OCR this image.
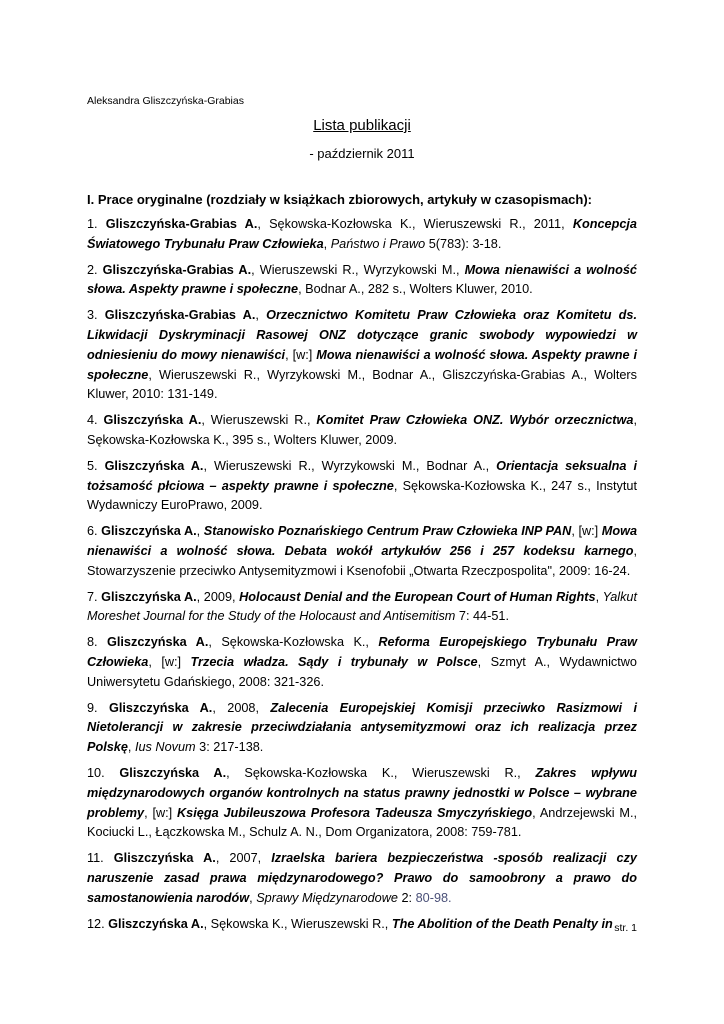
Aleksandra Gliszczyńska-Grabias
Lista publikacji
- październik 2011
I. Prace oryginalne (rozdziały w książkach zbiorowych, artykuły w czasopismach):

1. Gliszczyńska-Grabias A., Sękowska-Kozłowska K., Wieruszewski R., 2011, Koncepcja Światowego Trybunału Praw Człowieka, Państwo i Prawo 5(783): 3-18.

2. Gliszczyńska-Grabias A., Wieruszewski R., Wyrzykowski M., Mowa nienawiści a wolność słowa. Aspekty prawne i społeczne, Bodnar A., 282 s., Wolters Kluwer, 2010.

3. Gliszczyńska-Grabias A., Orzecznictwo Komitetu Praw Człowieka oraz Komitetu ds. Likwidacji Dyskryminacji Rasowej ONZ dotyczące granic swobody wypowiedzi w odniesieniu do mowy nienawiści, [w:] Mowa nienawiści a wolność słowa. Aspekty prawne i społeczne, Wieruszewski R., Wyrzykowski M., Bodnar A., Gliszczyńska-Grabias A., Wolters Kluwer, 2010: 131-149.

4. Gliszczyńska A., Wieruszewski R., Komitet Praw Człowieka ONZ. Wybór orzecznictwa, Sękowska-Kozłowska K., 395 s., Wolters Kluwer, 2009.

5. Gliszczyńska A., Wieruszewski R., Wyrzykowski M., Bodnar A., Orientacja seksualna i tożsamość płciowa – aspekty prawne i społeczne, Sękowska-Kozłowska K., 247 s., Instytut Wydawniczy EuroPrawo, 2009.

6. Gliszczyńska A., Stanowisko Poznańskiego Centrum Praw Człowieka INP PAN, [w:] Mowa nienawiści a wolność słowa. Debata wokół artykułów 256 i 257 kodeksu karnego, Stowarzyszenie przeciwko Antysemityzmowi i Ksenofobii „Otwarta Rzeczpospolita", 2009: 16-24.

7. Gliszczyńska A., 2009, Holocaust Denial and the European Court of Human Rights, Yalkut Moreshet Journal for the Study of the Holocaust and Antisemitism 7: 44-51.

8. Gliszczyńska A., Sękowska-Kozłowska K., Reforma Europejskiego Trybunału Praw Człowieka, [w:] Trzecia władza. Sądy i trybunały w Polsce, Szmyt A., Wydawnictwo Uniwersytetu Gdańskiego, 2008: 321-326.

9. Gliszczyńska A., 2008, Zalecenia Europejskiej Komisji przeciwko Rasizmowi i Nietolerancji w zakresie przeciwdziałania antysemityzmowi oraz ich realizacja przez Polskę, Ius Novum 3: 217-138.

10. Gliszczyńska A., Sękowska-Kozłowska K., Wieruszewski R., Zakres wpływu międzynarodowych organów kontrolnych na status prawny jednostki w Polsce – wybrane problemy, [w:] Księga Jubileuszowa Profesora Tadeusza Smyczyńskiego, Andrzejewski M., Kociucki L., Łączkowska M., Schulz A. N., Dom Organizatora, 2008: 759-781.

11. Gliszczyńska A., 2007, Izraelska bariera bezpieczeństwa -sposób realizacji czy naruszenie zasad prawa międzynarodowego? Prawo do samoobrony a prawo do samostanowienia narodów, Sprawy Międzynarodowe 2: 80-98.

12. Gliszczyńska A., Sękowska K., Wieruszewski R., The Abolition of the Death Penalty in str. 1
